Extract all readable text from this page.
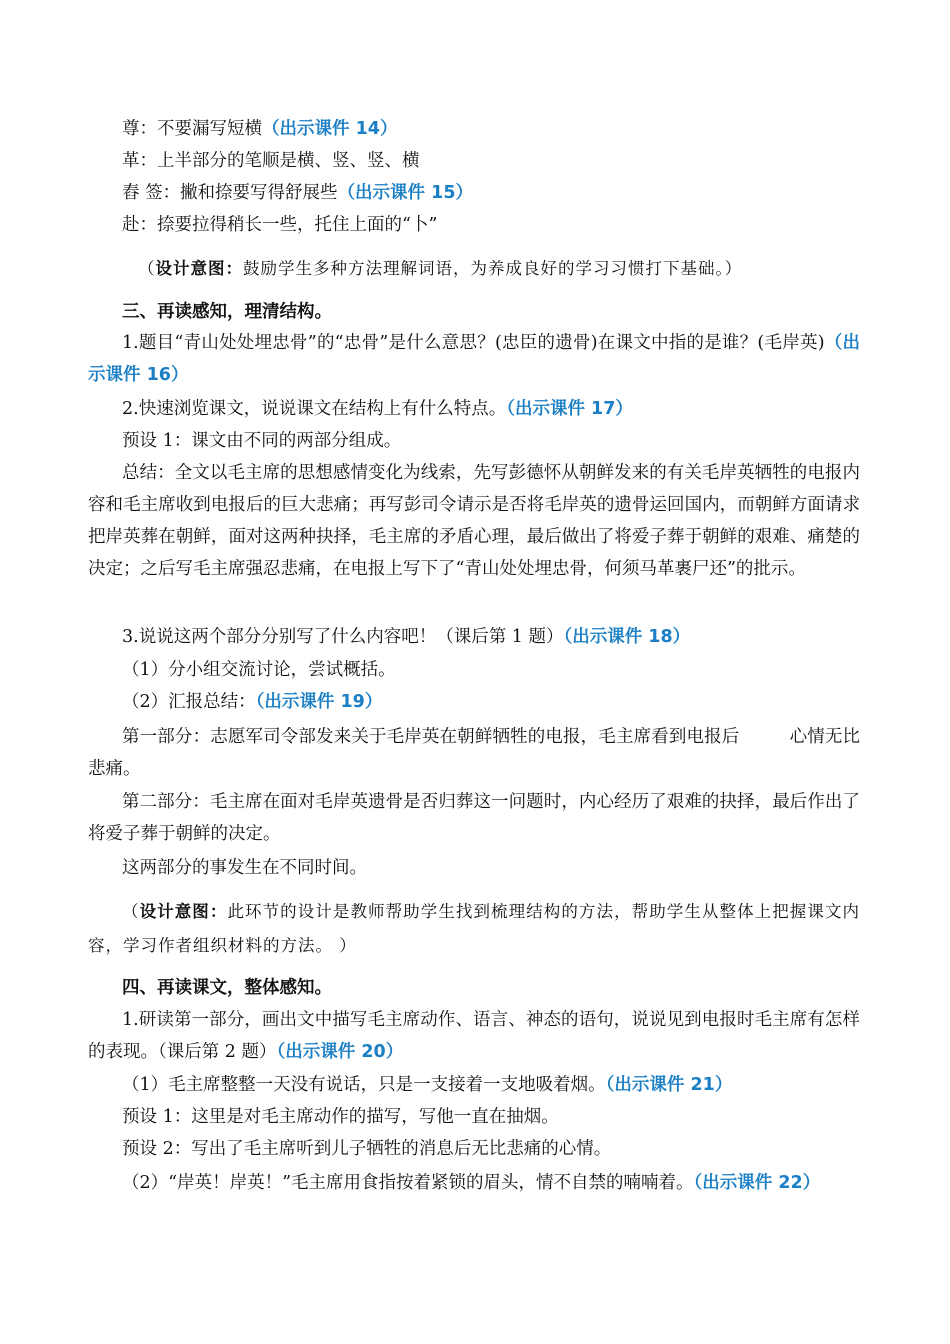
尊：不要漏写短横（出示课件 14）

革：上半部分的笔顺是横、竖、竖、横

舂 签：撇和捺要写得舒展些（出示课件 15）

赴：捺要拉得稍长一些，托住上面的“卜”

（设计意图：鼓励学生多种方法理解词语，为养成良好的学习习惯打下基础。）

三、再读感知，理清结构。

1.题目“青山处处埋忠骨”的“忠骨”是什么意思？(忠臣的遗骨)在课文中指的是谁？(毛岸英)（出示课件 16）

2.快速浏览课文，说说课文在结构上有什么特点。（出示课件 17）

预设 1：课文由不同的两部分组成。

总结：全文以毛主席的思想感情变化为线索，先写彭德怀从朝鲜发来的有关毛岸英牺牲的电报内容和毛主席收到电报后的巨大悲痛；再写彭司令请示是否将毛岸英的遗骨运回国内，而朝鲜方面请求把岸英葬在朝鲜，面对这两种抉择，毛主席的矛盾心理，最后做出了将爱子葬于朝鲜的艰难、痛楚的决定；之后写毛主席强忍悲痛，在电报上写下了“青山处处埋忠骨，何须马革裹尸还”的批示。

3.说说这两个部分分别写了什么内容吧！（课后第 1 题）（出示课件 18）

（1）分小组交流讨论，尝试概括。

（2）汇报总结：（出示课件 19）

第一部分：志愿军司令部发来关于毛岸英在朝鲜牺牲的电报，毛主席看到电报后	心情无比悲痛。

第二部分：毛主席在面对毛岸英遗骨是否归葬这一问题时，内心经历了艰难的抉择，最后作出了将爱子葬于朝鲜的决定。

这两部分的事发生在不同时间。

（设计意图：此环节的设计是教师帮助学生找到梳理结构的方法，帮助学生从整体上把握课文内容，学习作者组织材料的方法。 ）

四、再读课文，整体感知。

1.研读第一部分，画出文中描写毛主席动作、语言、神态的语句，说说见到电报时毛主席有怎样的表现。（课后第 2 题）（出示课件 20）

（1）毛主席整整一天没有说话，只是一支接着一支地吸着烟。（出示课件 21）

预设 1：这里是对毛主席动作的描写，写他一直在抽烟。

预设 2：写出了毛主席听到儿子牺牲的消息后无比悲痛的心情。

（2）“岸英！岸英！”毛主席用食指按着紧锁的眉头，情不自禁的喃喃着。（出示课件 22）
